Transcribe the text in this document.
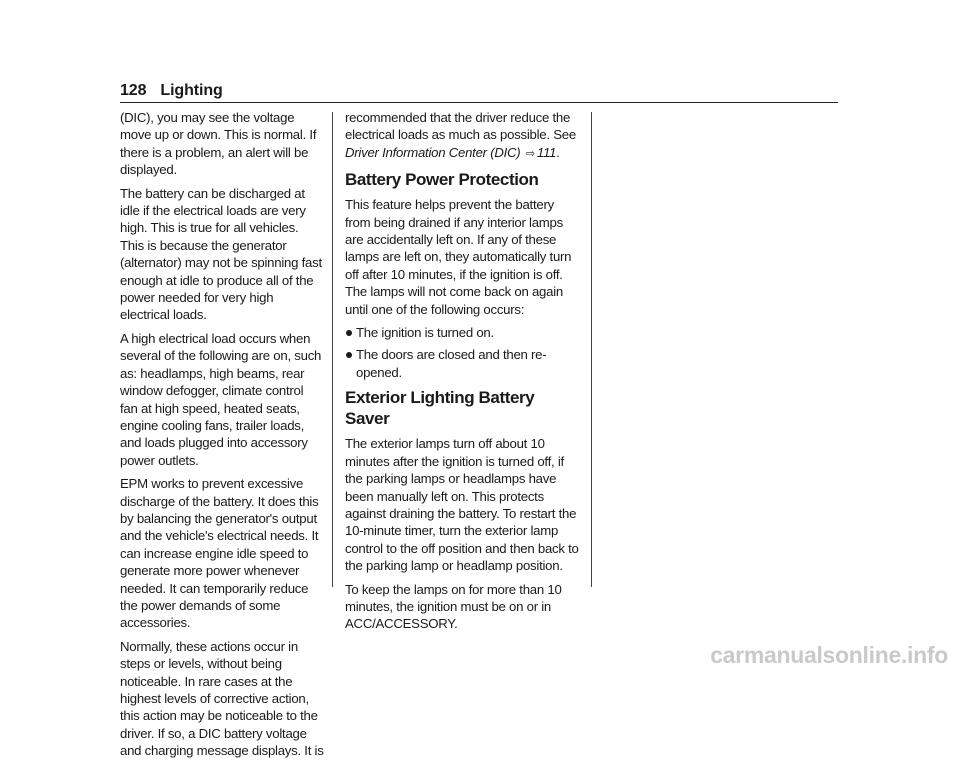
128 Lighting

(DIC), you may see the voltage move up or down. This is normal. If there is a problem, an alert will be displayed.

The battery can be discharged at idle if the electrical loads are very high. This is true for all vehicles. This is because the generator (alternator) may not be spinning fast enough at idle to produce all of the power needed for very high electrical loads.

A high electrical load occurs when several of the following are on, such as: headlamps, high beams, rear window defogger, climate control fan at high speed, heated seats, engine cooling fans, trailer loads, and loads plugged into accessory power outlets.

EPM works to prevent excessive discharge of the battery. It does this by balancing the generator's output and the vehicle's electrical needs. It can increase engine idle speed to generate more power whenever needed. It can temporarily reduce the power demands of some accessories.

Normally, these actions occur in steps or levels, without being noticeable. In rare cases at the highest levels of corrective action, this action may be noticeable to the driver. If so, a DIC battery voltage and charging message displays. It is

recommended that the driver reduce the electrical loads as much as possible. See Driver Information Center (DIC) ⇨ 111.

Battery Power Protection

This feature helps prevent the battery from being drained if any interior lamps are accidentally left on. If any of these lamps are left on, they automatically turn off after 10 minutes, if the ignition is off. The lamps will not come back on again until one of the following occurs:

The ignition is turned on.
The doors are closed and then re-opened.
Exterior Lighting Battery Saver

The exterior lamps turn off about 10 minutes after the ignition is turned off, if the parking lamps or headlamps have been manually left on. This protects against draining the battery. To restart the 10-minute timer, turn the exterior lamp control to the off position and then back to the parking lamp or headlamp position.

To keep the lamps on for more than 10 minutes, the ignition must be on or in ACC/ACCESSORY.

carmanualsonline.info
